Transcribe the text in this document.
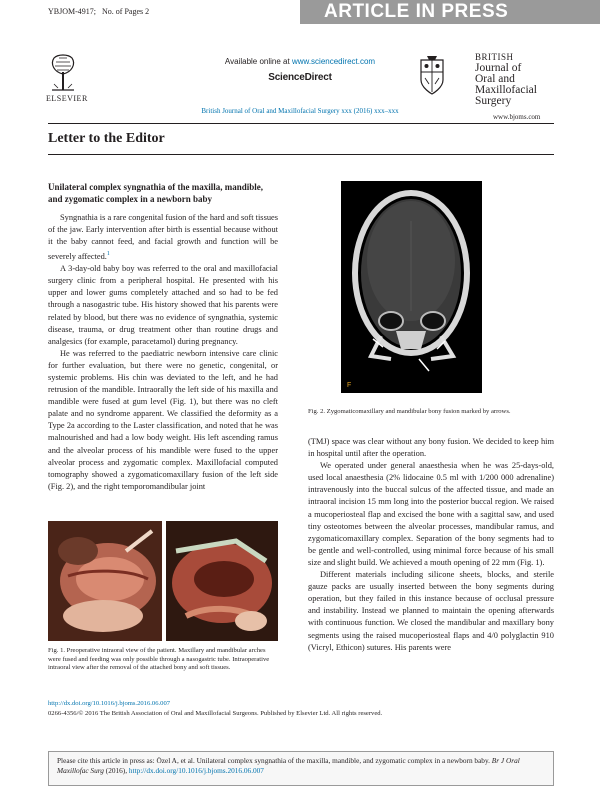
YBJOM-4917; No. of Pages 2	ARTICLE IN PRESS
ELSEVIER
Available online at www.sciencedirect.com
ScienceDirect
British Journal of Oral and Maxillofacial Surgery xxx (2016) xxx–xxx
BRITISH
Journal of
Oral and
Maxillofacial
Surgery
www.bjoms.com
Letter to the Editor
Unilateral complex syngnathia of the maxilla, mandible, and zygomatic complex in a newborn baby

Syngnathia is a rare congenital fusion of the hard and soft tissues of the jaw. Early intervention after birth is essential because without it the baby cannot feed, and facial growth and function will be severely affected.$^1$

A 3-day-old baby boy was referred to the oral and maxillofacial surgery clinic from a peripheral hospital. He presented with his upper and lower gums completely attached and so had to be fed through a nasogastric tube. His history showed that his parents were related by blood, but there was no evidence of syngnathia, systemic disease, trauma, or drug treatment other than routine drugs and analgesics (for example, paracetamol) during pregnancy.

He was referred to the paediatric newborn intensive care clinic for further evaluation, but there were no genetic, congenital, or systemic problems. His chin was deviated to the left, and he had retrusion of the mandible. Intraorally the left side of his maxilla and mandible were fused at gum level (Fig. 1), but there was no cleft palate and no syndrome apparent. We classified the deformity as a Type 2a according to the Laster classification, and noted that he was malnourished and had a low body weight. His left ascending ramus and the alveolar process of his mandible were fused to the upper alveolar process and zygomatic complex. Maxillofacial computed tomography showed a zygomaticomaxillary fusion of the left side (Fig. 2), and the right temporomandibular joint

Fig. 1. Preoperative intraoral view of the patient. Maxillary and mandibular arches were fused and feeding was only possible through a nasogastric tube. Intraoperative intraoral view after the removal of the attached bony and soft tissues.
F
Fig. 2. Zygomaticomaxillary and mandibular bony fusion marked by arrows.

(TMJ) space was clear without any bony fusion. We decided to keep him in hospital until after the operation.

We operated under general anaesthesia when he was 25-days-old, used local anaesthesia (2% lidocaine 0.5 ml with 1/200 000 adrenaline) intravenously into the buccal sulcus of the affected tissue, and made an intraoral incision 15 mm long into the posterior buccal region. We raised a mucoperiosteal flap and excised the bone with a sagittal saw, and used tiny osteotomes between the alveolar processes, mandibular ramus, and zygomaticomaxillary complex. Separation of the bony segments had to be gentle and well-controlled, using minimal force because of his small size and slight build. We achieved a mouth opening of 22 mm (Fig. 1).

Different materials including silicone sheets, blocks, and sterile gauze packs are usually inserted between the bony segments during operation, but they failed in this instance because of occlusal pressure and instability. Instead we planned to maintain the opening afterwards with continuous function. We closed the mandibular and maxillary bony segments using the raised mucoperiosteal flaps and 4/0 polyglactin 910 (Vicryl, Ethicon) sutures. His parents were

http://dx.doi.org/10.1016/j.bjoms.2016.06.007
0266-4356/© 2016 The British Association of Oral and Maxillofacial Surgeons. Published by Elsevier Ltd. All rights reserved.
Please cite this article in press as: Özel A, et al. Unilateral complex syngnathia of the maxilla, mandible, and zygomatic complex in a newborn baby. Br J Oral Maxillofac Surg (2016), http://dx.doi.org/10.1016/j.bjoms.2016.06.007
